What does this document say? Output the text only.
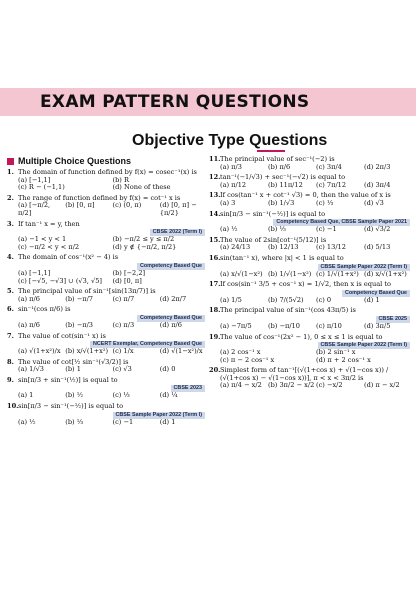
EXAM PATTERN QUESTIONS
Objective Type Questions
Multiple Choice Questions
1. The domain of function defined by f(x) = cosec⁻¹(x) is
(a) [−1,1]	(b) R
(c) R − (−1,1)	(d) None of these
2. The range of function defined by f(x) = cot⁻¹ x is
(a) [−π/2, π/2]
(b) [0, π]	(c) (0, π)	(d) [0, π] − {π/2}
3. If tan⁻¹ x = y, then
CBSE 2022 (Term I)
(a) −1 < y < 1	(b) −π/2 ≤ y ≤ π/2
(c) −π/2 < y < π/2	(d) y ∉ {−π/2, π/2}
4. The domain of cos⁻¹(x² − 4) is
Competency Based Que
(a) [−1,1]	(b) [−2,2]
(c) [−√5, −√3] ∪ (√3, √5]	(d) [0, π]
5. The principal value of sin⁻¹[sin(13π/7)] is
(a) π/6	(b) −π/7	(c) π/7	(d) 2π/7
6. sin⁻¹(cos π/6) is
Competency Based Que
(a) π/6	(b) −π/3	(c) π/3	(d) π/6
7. The value of cot(sin⁻¹ x) is
NCERT Exemplar, Competency Based Que
(a) √(1+x²)/x (b) x/√(1+x²) (c) 1/x	(d) √(1−x²)/x
8. The value of cot[½ sin⁻¹(√3/2)] is
(a) 1/√3	(b) 1	(c) √3	(d) 0
9. sin[π/3 + sin⁻¹(½)] is equal to
CBSE 2023
(a) 1	(b) ½	(c) ⅓	(d) ¼
10. sin[π/3 − sin⁻¹(−½)] is equal to
CBSE Sample Paper 2022 (Term I)
(a) ½	(b) ⅓	(c) −1	(d) 1
11. The principal value of sec⁻¹(−2) is
(a) π/3	(b) π/6	(c) 3π/4	(d) 2π/3
12. tan⁻¹(−1/√3) + sec⁻¹(−√2) is equal to
(a) π/12	(b) 11π/12	(c) 7π/12	(d) 3π/4
13. If cos(tan⁻¹ x + cot⁻¹ √3) = 0, then the value of x is
(a) 3	(b) 1/√3	(c) ⅓	(d) √3
14. sin[π/3 − sin⁻¹(−½)] is equal to
Competency Based Que, CBSE Sample Paper 2021
(a) ½	(b) ⅓	(c) −1	(d) √3/2
15. The value of 2sin[cot⁻¹(5/12)] is
(a) 24/13	(b) 12/13	(c) 13/12	(d) 5/13
16. sin(tan⁻¹ x), where |x| < 1 is equal to
CBSE Sample Paper 2022 (Term I)
(a) x/√(1−x²) (b) 1/√(1−x²) (c) 1/√(1+x²) (d) x/√(1+x²)
17. If cos(sin⁻¹ 3/5 + cos⁻¹ x) = 1/√2, then x is equal to
Competency Based Que
(a) 1/5	(b) 7/(5√2)	(c) 0	(d) 1
18. The principal value of sin⁻¹(cos 43π/5) is
CBSE 2025
(a) −7π/5	(b) −π/10	(c) π/10	(d) 3π/5
19. The value of cos⁻¹(2x² − 1), 0 ≤ x ≤ 1 is equal to
CBSE Sample Paper 2022 (Term I)
(a) 2 cos⁻¹ x	(b) 2 sin⁻¹ x
(c) π − 2 cos⁻¹ x	(d) π + 2 cos⁻¹ x
20. Simplest form of tan⁻¹[(√(1+cos x) + √(1−cos x)) / (√(1+cos x) − √(1−cos x))], π < x < 3π/2 is
(a) π/4 − x/2 (b) 3π/2 − x/2 (c) −x/2	(d) π − x/2
